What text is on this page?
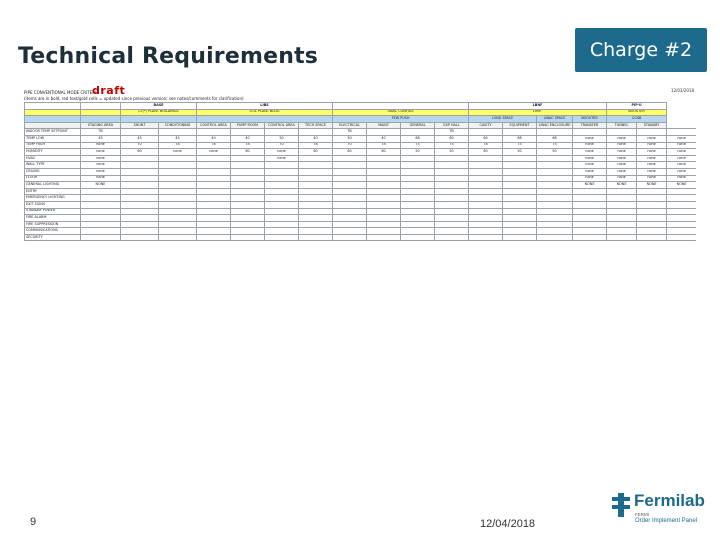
Technical Requirements	Charge #2
PIPE CONVENTIONAL MODE CRITERIA
draft
(items are in bold, red text/gold cells = updated since previous version; see notes/comments for clarification)
12/03/2018
		BASE		LIBS								LBNF				PIP-II		
		CF(*) PLANT BUILDINGS		UTIL PLANT BLDG				UNAC CONFIGS				LIMIT				BOOSTER		
								FEW PUSH				LONG SPACE		LINAC SPACE	BOOSTER	CCNB		
	STAGING AREA	SHUNT	CONDITIONING	CONTROL AREA	PUMP ROOM	CONTROL AREA	TECH SPACE	ELECTRICAL	MAINT	GENERAL	EXP HALL	CAVITY	EQUIPMENT	LINAC ENCLOSURE	TRANSFER	TUNNEL	STANDBY	
INDOOR TEMP SETPOINT	TB							TB			TB							
TEMP LOW	45	45	45	40	40	50	40	50	40	68	60	60	68	68	none	none	none	none
TEMP HIGH	none	70	78	78	78	70	78	70	78	75	75	78	75	75	none	none	none	none
HUMIDITY	none	60	none	none	60	none	60	60	60	50	50	60	50	50	none	none	none	none
HVAC	none					none									none	none	none	none
WALL TYPE	none														none	none	none	none
CEILING	none														none	none	none	none
FLOOR	none														none	none	none	none
GENERAL LIGHTING	NONE														NONE	NONE	NONE	NONE
ENTRY																		
EMERGENCY LIGHTING																		
EXIT SIGNS																		
STANDBY POWER																		
FIRE ALARM																		
FIRE SUPPRESSION																		
COMMUNICATIONS																		
SECURITY																		
9	12/04/2018
Fermilab
FERMI
Order Implement Panel
